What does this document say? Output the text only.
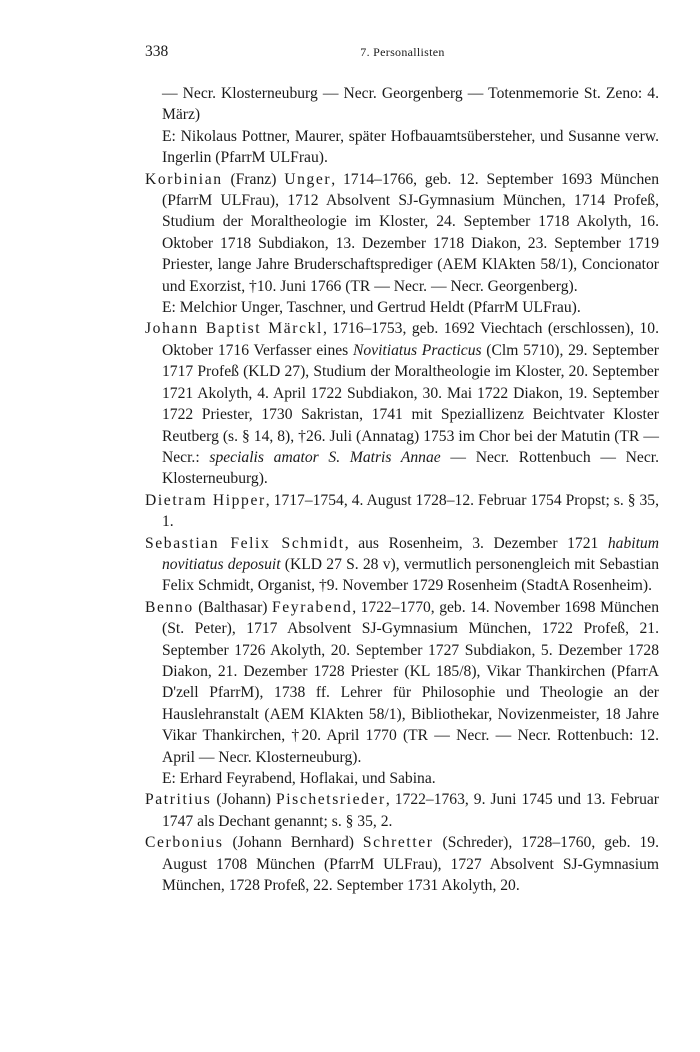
338	7. Personallisten

— Necr. Klosterneuburg — Necr. Georgenberg — Totenmemorie St. Zeno: 4. März)

E: Nikolaus Pottner, Maurer, später Hofbauamtsübersteher, und Susanne verw. Ingerlin (PfarrM ULFrau).

Korbinian (Franz) Unger, 1714–1766, geb. 12. September 1693 München (PfarrM ULFrau), 1712 Absolvent SJ-Gymnasium München, 1714 Profeß, Studium der Moraltheologie im Kloster, 24. September 1718 Akolyth, 16. Oktober 1718 Subdiakon, 13. Dezember 1718 Diakon, 23. September 1719 Priester, lange Jahre Bruderschaftsprediger (AEM KlAkten 58/1), Concionator und Exorzist, †10. Juni 1766 (TR — Necr. — Necr. Georgenberg).

E: Melchior Unger, Taschner, und Gertrud Heldt (PfarrM ULFrau).

Johann Baptist Märckl, 1716–1753, geb. 1692 Viechtach (erschlossen), 10. Oktober 1716 Verfasser eines Novitiatus Practicus (Clm 5710), 29. September 1717 Profeß (KLD 27), Studium der Moraltheologie im Kloster, 20. September 1721 Akolyth, 4. April 1722 Subdiakon, 30. Mai 1722 Diakon, 19. September 1722 Priester, 1730 Sakristan, 1741 mit Speziallizenz Beichtvater Kloster Reutberg (s. § 14, 8), †26. Juli (Annatag) 1753 im Chor bei der Matutin (TR — Necr.: specialis amator S. Matris Annae — Necr. Rottenbuch — Necr. Klosterneuburg).

Dietram Hipper, 1717–1754, 4. August 1728–12. Februar 1754 Propst; s. § 35, 1.

Sebastian Felix Schmidt, aus Rosenheim, 3. Dezember 1721 habitum novitiatus deposuit (KLD 27 S. 28 v), vermutlich personengleich mit Sebastian Felix Schmidt, Organist, †9. November 1729 Rosenheim (StadtA Rosenheim).

Benno (Balthasar) Feyrabend, 1722–1770, geb. 14. November 1698 München (St. Peter), 1717 Absolvent SJ-Gymnasium München, 1722 Profeß, 21. September 1726 Akolyth, 20. September 1727 Subdiakon, 5. Dezember 1728 Diakon, 21. Dezember 1728 Priester (KL 185/8), Vikar Thankirchen (PfarrA D'zell PfarrM), 1738 ff. Lehrer für Philosophie und Theologie an der Hauslehranstalt (AEM KlAkten 58/1), Bibliothekar, Novizenmeister, 18 Jahre Vikar Thankirchen, †20. April 1770 (TR — Necr. — Necr. Rottenbuch: 12. April — Necr. Klosterneuburg).

E: Erhard Feyrabend, Hoflakai, und Sabina.

Patritius (Johann) Pischetsrieder, 1722–1763, 9. Juni 1745 und 13. Februar 1747 als Dechant genannt; s. § 35, 2.

Cerbonius (Johann Bernhard) Schretter (Schreder), 1728–1760, geb. 19. August 1708 München (PfarrM ULFrau), 1727 Absolvent SJ-Gymnasium München, 1728 Profeß, 22. September 1731 Akolyth, 20.
